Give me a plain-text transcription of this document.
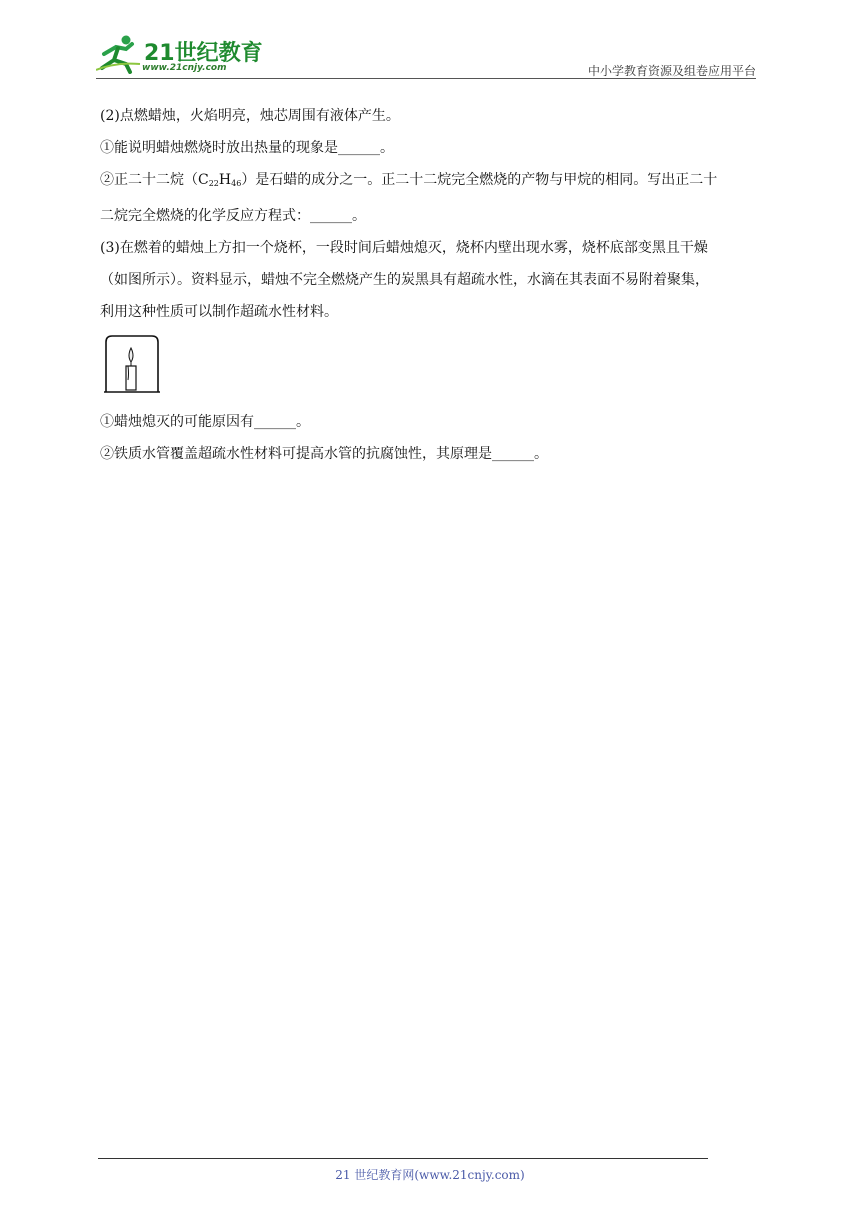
21世纪教育
www.21cnjy.com	中小学教育资源及组卷应用平台
(2)点燃蜡烛，火焰明亮，烛芯周围有液体产生。
①能说明蜡烛燃烧时放出热量的现象是______。
②正二十二烷$(C_{22}H_{46})$是石蜡的成分之一。正二十二烷完全燃烧的产物与甲烷的相同。写出正二十
二烷完全燃烧的化学反应方程式：______。
(3)在燃着的蜡烛上方扣一个烧杯，一段时间后蜡烛熄灭，烧杯内壁出现水雾，烧杯底部变黑且干燥
（如图所示）。资料显示，蜡烛不完全燃烧产生的炭黑具有超疏水性，水滴在其表面不易附着聚集，
利用这种性质可以制作超疏水性材料。
①蜡烛熄灭的可能原因有______。
②铁质水管覆盖超疏水性材料可提高水管的抗腐蚀性，其原理是______。
21 世纪教育网(www.21cnjy.com)
